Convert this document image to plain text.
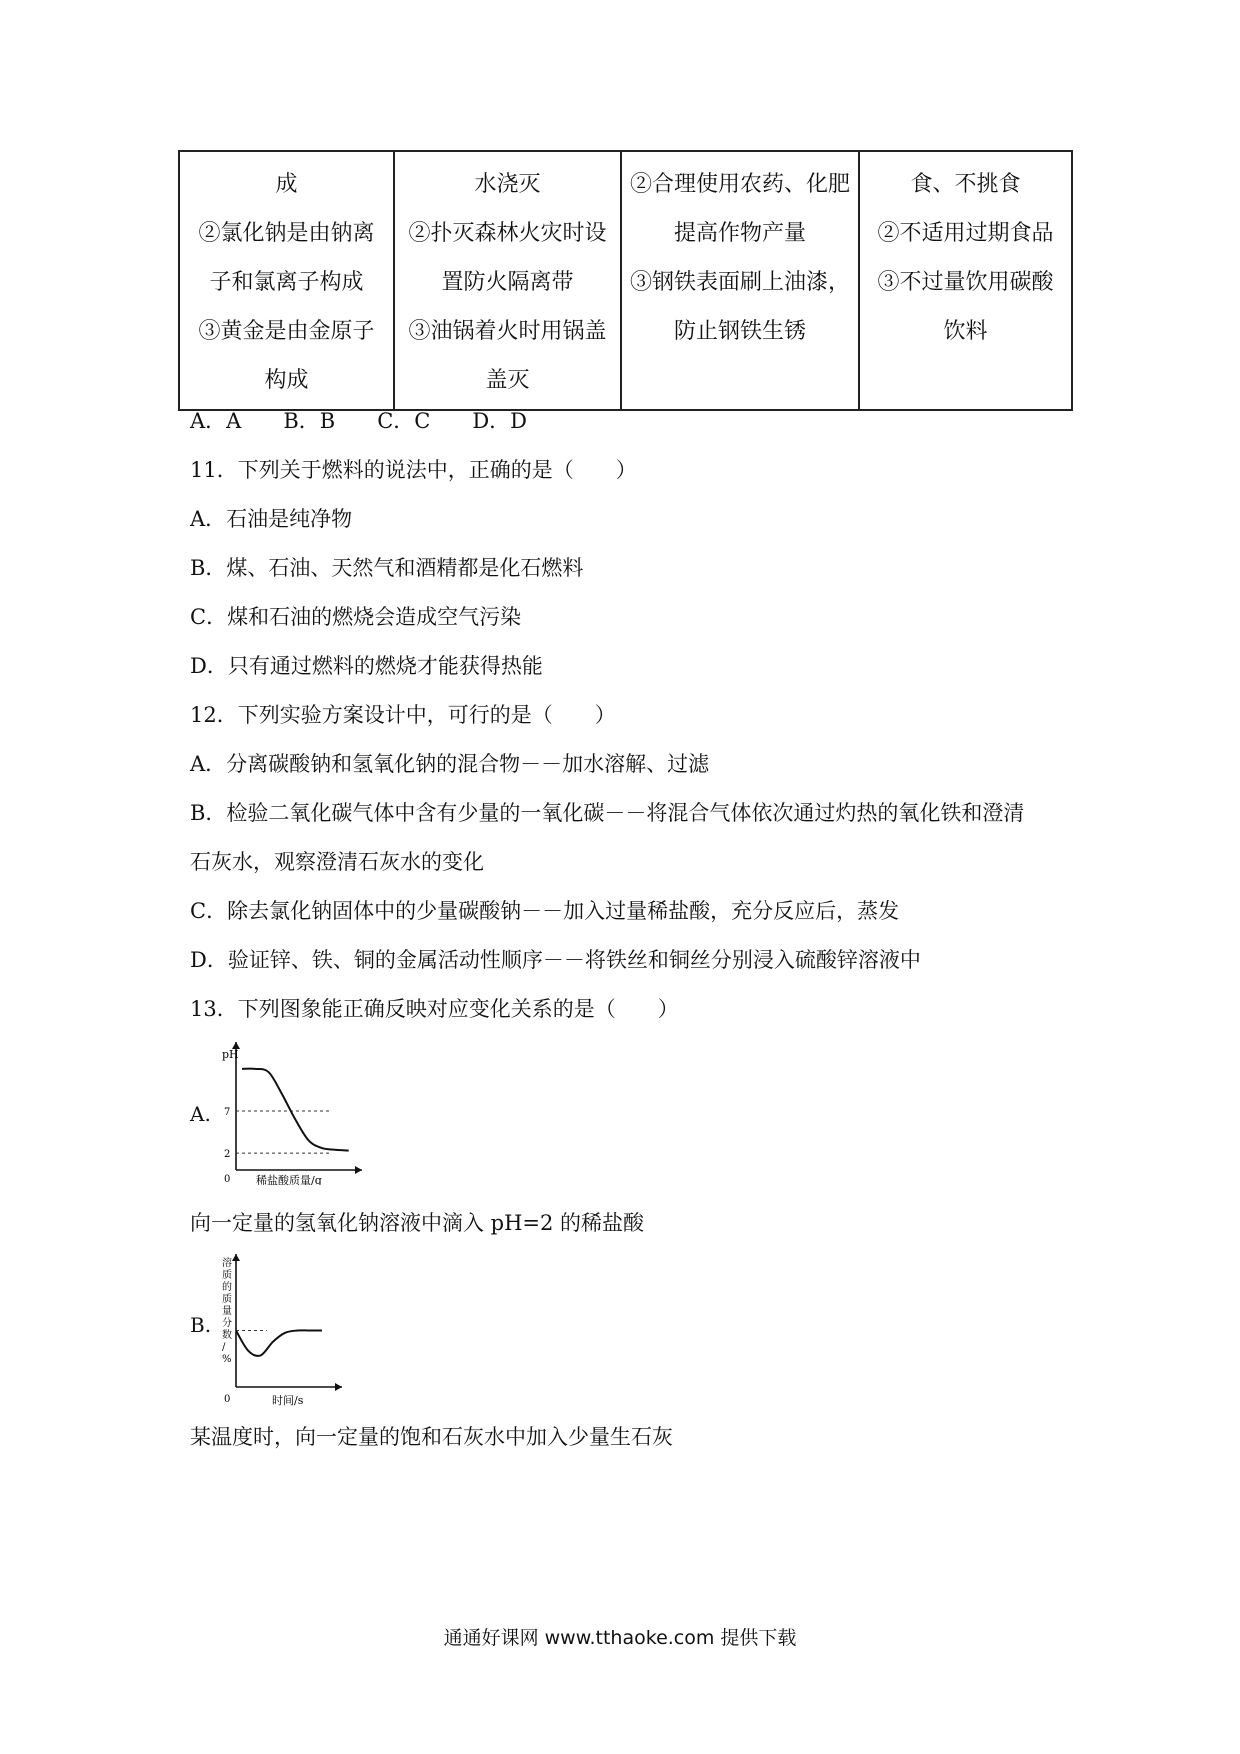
成
②氯化钠是由钠离
子和氯离子构成
③黄金是由金原子
构成

水浇灭
②扑灭森林火灾时设
置防火隔离带
③油锅着火时用锅盖
盖灭

②合理使用农药、化肥
提高作物产量
③钢铁表面刷上油漆，
防止钢铁生锈

食、不挑食
②不适用过期食品
③不过量饮用碳酸
饮料
A．A　　B．B　　C．C　　D．D
11．下列关于燃料的说法中，正确的是（　　）
A．石油是纯净物
B．煤、石油、天然气和酒精都是化石燃料
C．煤和石油的燃烧会造成空气污染
D．只有通过燃料的燃烧才能获得热能
12．下列实验方案设计中，可行的是（　　）
A．分离碳酸钠和氢氧化钠的混合物－－加水溶解、过滤
B．检验二氧化碳气体中含有少量的一氧化碳－－将混合气体依次通过灼热的氧化铁和澄清
石灰水，观察澄清石灰水的变化
C．除去氯化钠固体中的少量碳酸钠－－加入过量稀盐酸，充分反应后，蒸发
D．验证锌、铁、铜的金属活动性顺序－－将铁丝和铜丝分别浸入硫酸锌溶液中
13．下列图象能正确反映对应变化关系的是（　　）
A.
pH
0 稀盐酸质量/g
7
2
向一定量的氢氧化钠溶液中滴入 pH=2 的稀盐酸
B.
溶
质
的
质
量
分
数
/
%
0	时间/s
某温度时，向一定量的饱和石灰水中加入少量生石灰
通通好课网 www.tthaoke.com 提供下载
